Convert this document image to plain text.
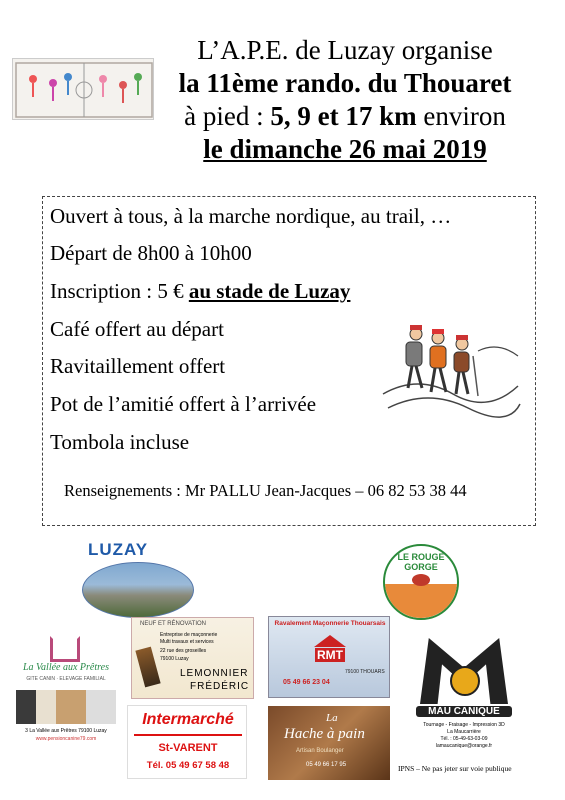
L’A.P.E. de Luzay organise
la 11ème rando. du Thouaret
à pied : 5, 9 et 17 km environ
le dimanche 26 mai 2019
Ouvert à tous, à la marche nordique, au trail, …
Départ de 8h00 à 10h00
Inscription : 5 € au stade de Luzay
Café offert au départ
Ravitaillement offert
Pot de l’amitié offert à l’arrivée
Tombola incluse
Renseignements : Mr PALLU Jean-Jacques – 06 82 53 38 44
LUZAY	LE ROUGE GORGE
La Vallée aux Prêtres
GITE CANIN · ELEVAGE FAMILIAL
3 La Vallée aux Prêtres 79100 Luzay
www.pensioncanine79.com
NEUF ET RÉNOVATION
Entreprise de maçonnerie
Multi travaux et services
22 rue des groseilles
79100 Luzay
LEMONNIER
FRÉDÉRIC
Ravalement Maçonnerie Thouarsais
RMT
05 49 66 23 04
79100 THOUARS
Intermarché
St-VARENT
Tél. 05 49 67 58 48
La
Hache à pain
Artisan Boulanger
05 49 66 17 95
MAU CANIQUE
Tournage - Fraisage - Impression 3D
La Maucarrière
Tél. : 05-49-63-03-09
lamaucanique@orange.fr
IPNS – Ne pas jeter sur voie publique
